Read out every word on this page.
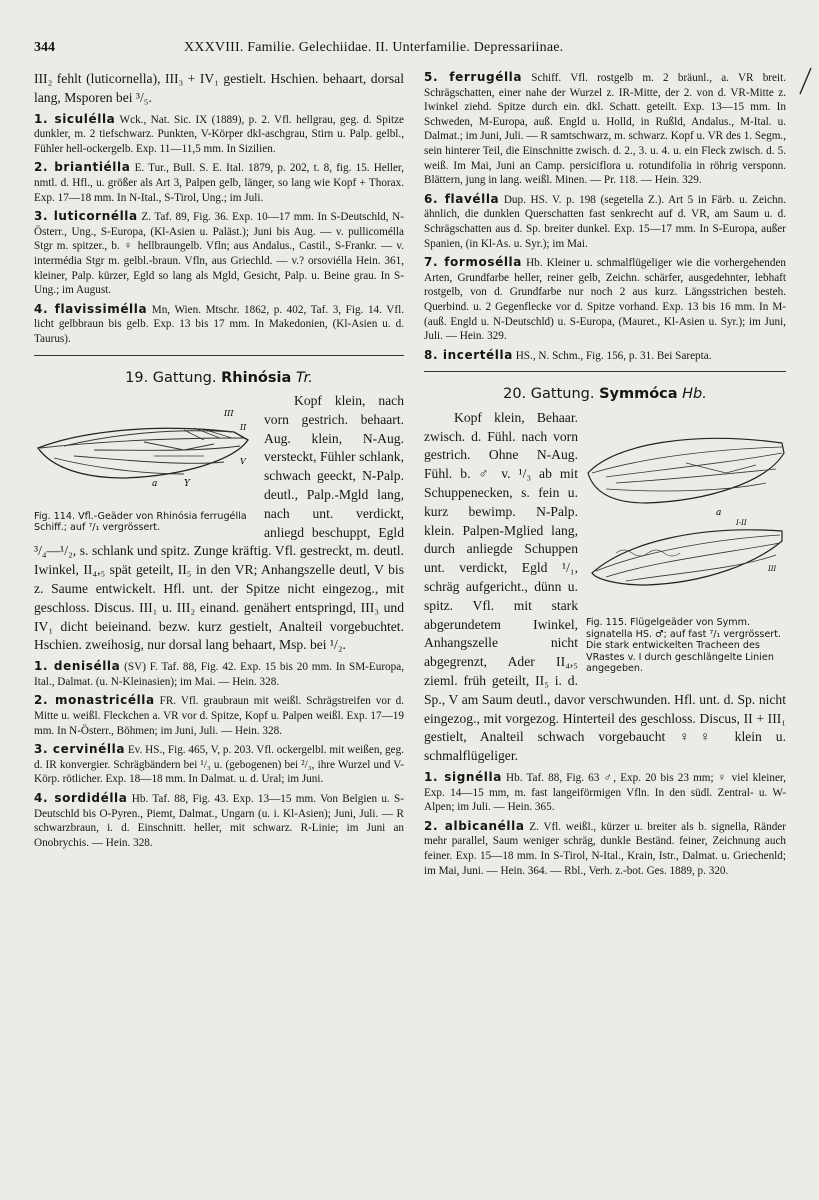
344	XXXVIII. Familie. Gelechiidae. II. Unterfamilie. Depressariinae.

III₂ fehlt (luticornella), III₃ + IV₁ gestielt. Hschien. behaart, dorsal lang, Msporen bei ³/₅.

1. siculélla Wck., Nat. Sic. IX (1889), p. 2. Vfl. hellgrau, geg. d. Spitze dunkler, m. 2 tiefschwarz. Punkten, V-Körper dkl-aschgrau, Stirn u. Palp. gelbl., Fühler hell-ockergelb. Exp. 11—11,5 mm. In Sizilien.

2. briantiélla E. Tur., Bull. S. E. Ital. 1879, p. 202, t. 8, fig. 15. Heller, nmtl. d. Hfl., u. größer als Art 3, Palpen gelb, länger, so lang wie Kopf + Thorax. Exp. 17—18 mm. In N-Ital., S-Tirol, Ung.; im Juli.

3. luticornélla Z. Taf. 89, Fig. 36. Exp. 10—17 mm. In S-Deutschld, N-Österr., Ung., S-Europa, (Kl-Asien u. Paläst.); Juni bis Aug. — v. pullicomélla Stgr m. spitzer., b. ♀ hellbraungelb. Vfln; aus Andalus., Castil., S-Frankr. — v. intermédia Stgr m. gelbl.-braun. Vfln, aus Griechld. — v.? orsoviélla Hein. 361, kleiner, Palp. kürzer, Egld so lang als Mgld, Gesicht, Palp. u. Beine grau. In S-Ung.; im August.

4. flavissimélla Mn, Wien. Mtschr. 1862, p. 402, Taf. 3, Fig. 14. Vfl. licht gelbbraun bis gelb. Exp. 13 bis 17 mm. In Makedonien, (Kl-Asien u. d. Taurus).

19. Gattung. Rhinósia Tr.
III
II
V
a	Y
Fig. 114. Vfl.-Geäder von Rhinósia ferrugélla Schiff.; auf ⁷/₁ vergrössert.

Kopf klein, nach vorn gestrich. behaart. Aug. klein, N-Aug. versteckt, Fühler schlank, schwach geeckt, N-Palp. deutl., Palp.-Mgld lang, nach unt. verdickt, anliegd beschuppt, Egld ³/₄—¹/₂, s. schlank und spitz. Zunge kräftig. Vfl. gestreckt, m. deutl. Iwinkel, II₄,₅ spät geteilt, II₅ in den VR; Anhangszelle deutl, V bis z. Saume entwickelt. Hfl. unt. der Spitze nicht eingezog., mit geschloss. Discus. III₁ u. III₂ einand. genähert entspringd, III₃ und IV₁ dicht beieinand. bezw. kurz gestielt, Analteil vorgebuchtet. Hschien. zweihosig, nur dorsal lang behaart, Msp. bei ¹/₂.

1. denisélla (SV) F. Taf. 88, Fig. 42. Exp. 15 bis 20 mm. In SM-Europa, Ital., Dalmat. (u. N-Kleinasien); im Mai. — Hein. 328.

2. monastricélla FR. Vfl. graubraun mit weißl. Schrägstreifen vor d. Mitte u. weißl. Fleckchen a. VR vor d. Spitze, Kopf u. Palpen weißl. Exp. 17—19 mm. In N-Österr., Böhmen; im Juni, Juli. — Hein. 328.

3. cervinélla Ev. HS., Fig. 465, V, p. 203. Vfl. ockergelbl. mit weißen, geg. d. IR konvergier. Schrägbändern bei ¹/₃ u. (gebogenen) bei ²/₃, ihre Wurzel und V-Körp. rötlicher. Exp. 18—18 mm. In Dalmat. u. d. Ural; im Juni.

4. sordidélla Hb. Taf. 88, Fig. 43. Exp. 13—15 mm. Von Belgien u. S-Deutschld bis O-Pyren., Piemt, Dalmat., Ungarn (u. i. Kl-Asien); Juni, Juli. — R schwarzbraun, i. d. Einschnitt. heller, mit schwarz. R-Linie; im Juni an Onobrychis. — Hein. 328.

5. ferrugélla Schiff. Vfl. rostgelb m. 2 bräunl., a. VR breit. Schrägschatten, einer nahe der Wurzel z. IR-Mitte, der 2. von d. VR-Mitte z. Iwinkel ziehd. Spitze durch ein. dkl. Schatt. geteilt. Exp. 13—15 mm. In Schweden, M-Europa, auß. Engld u. Holld, in Rußld, Andalus., M-Ital. u. Dalmat.; im Juni, Juli. — R samtschwarz, m. schwarz. Kopf u. VR des 1. Segm., sein hinterer Teil, die Einschnitte zwisch. d. 2., 3. u. 4. u. ein Fleck zwisch. d. 5. weiß. Im Mai, Juni an Camp. persiciflora u. rotundifolia in röhrig versponn. Blättern, jung in lang. weißl. Minen. — Pr. 118. — Hein. 329.

6. flavélla Dup. HS. V. p. 198 (segetella Z.). Art 5 in Färb. u. Zeichn. ähnlich, die dunklen Querschatten fast senkrecht auf d. VR, am Saum u. d. Schrägschatten aus d. Sp. breiter dunkel. Exp. 15—17 mm. In S-Europa, außer Spanien, (in Kl-As. u. Syr.); im Mai.

7. formosélla Hb. Kleiner u. schmalflügeliger wie die vorhergehenden Arten, Grundfarbe heller, reiner gelb, Zeichn. schärfer, ausgedehnter, lebhaft rostgelb, von d. Grundfarbe nur noch 2 aus kurz. Längsstrichen besteh. Querbind. u. 2 Gegenflecke vor d. Spitze vorhand. Exp. 13 bis 16 mm. In M- (auß. Engld u. N-Deutschld) u. S-Europa, (Mauret., Kl-Asien u. Syr.); im Juni, Juli. — Hein. 329.

8. incertélla HS., N. Schm., Fig. 156, p. 31. Bei Sarepta.

20. Gattung. Symmóca Hb.
a
I-II
III
Fig. 115. Flügelgeäder von Symm. signatella HS. ♂; auf fast ⁷/₁ vergrössert. Die stark entwickelten Tracheen des VRastes v. I durch geschlängelte Linien angegeben.

Kopf klein, Behaar. zwisch. d. Fühl. nach vorn gestrich. Ohne N-Aug. Fühl. b. ♂ v. ¹/₃ ab mit Schuppenecken, s. fein u. kurz bewimp. N-Palp. klein. Palpen-Mglied lang, durch anliegde Schuppen unt. verdickt, Egld ¹/₁, schräg aufgericht., dünn u. spitz. Vfl. mit stark abgerundetem Iwinkel, Anhangszelle nicht abgegrenzt, Ader II₄,₅ zieml. früh geteilt, II₅ i. d. Sp., V am Saum deutl., davor verschwunden. Hfl. unt. d. Sp. nicht eingezog., mit vorgezog. Hinterteil des geschloss. Discus, II + III₁ gestielt, Analteil schwach vorgebaucht ♀♀ klein u. schmalflügeliger.

1. signélla Hb. Taf. 88, Fig. 63 ♂, Exp. 20 bis 23 mm; ♀ viel kleiner, Exp. 14—15 mm, m. fast langeiförmigen Vfln. In den südl. Zentral- u. W-Alpen; im Juli. — Hein. 365.

2. albicanélla Z. Vfl. weißl., kürzer u. breiter als b. signella, Ränder mehr parallel, Saum weniger schräg, dunkle Beständ. feiner, Zeichnung auch feiner. Exp. 15—18 mm. In S-Tirol, N-Ital., Krain, Istr., Dalmat. u. Griechenld; im Mai, Juni. — Hein. 364. — Rbl., Verh. z.-bot. Ges. 1889, p. 320.
